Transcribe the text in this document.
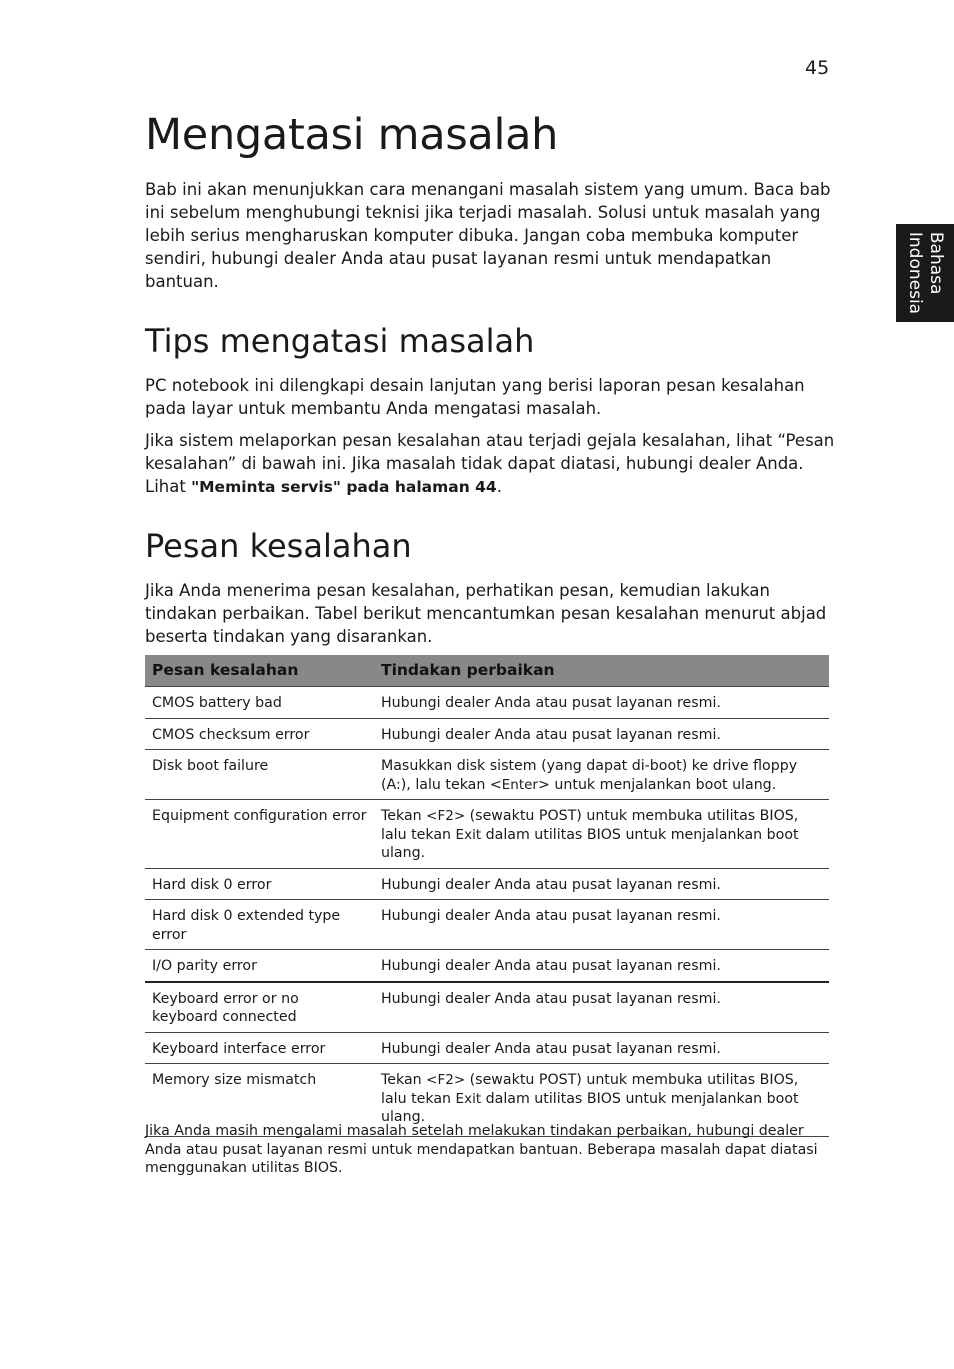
45
Bahasa
Indonesia
Mengatasi masalah

Bab ini akan menunjukkan cara menangani masalah sistem yang umum. Baca bab ini sebelum menghubungi teknisi jika terjadi masalah. Solusi untuk masalah yang lebih serius mengharuskan komputer dibuka. Jangan coba membuka komputer sendiri, hubungi dealer Anda atau pusat layanan resmi untuk mendapatkan bantuan.

Tips mengatasi masalah

PC notebook ini dilengkapi desain lanjutan yang berisi laporan pesan kesalahan pada layar untuk membantu Anda mengatasi masalah.

Jika sistem melaporkan pesan kesalahan atau terjadi gejala kesalahan, lihat “Pesan kesalahan” di bawah ini. Jika masalah tidak dapat diatasi, hubungi dealer Anda. Lihat "Meminta servis" pada halaman 44.

Pesan kesalahan

Jika Anda menerima pesan kesalahan, perhatikan pesan, kemudian lakukan tindakan perbaikan. Tabel berikut mencantumkan pesan kesalahan menurut abjad beserta tindakan yang disarankan.

Pesan kesalahan	Tindakan perbaikan
CMOS battery bad	Hubungi dealer Anda atau pusat layanan resmi.
CMOS checksum error	Hubungi dealer Anda atau pusat layanan resmi.
Disk boot failure	Masukkan disk sistem (yang dapat di-boot) ke drive floppy (A:), lalu tekan <Enter> untuk menjalankan boot ulang.
Equipment configuration error	Tekan <F2> (sewaktu POST) untuk membuka utilitas BIOS, lalu tekan Exit dalam utilitas BIOS untuk menjalankan boot ulang.
Hard disk 0 error	Hubungi dealer Anda atau pusat layanan resmi.
Hard disk 0 extended type error	Hubungi dealer Anda atau pusat layanan resmi.
I/O parity error	Hubungi dealer Anda atau pusat layanan resmi.
Keyboard error or no keyboard connected	Hubungi dealer Anda atau pusat layanan resmi.
Keyboard interface error	Hubungi dealer Anda atau pusat layanan resmi.
Memory size mismatch	Tekan <F2> (sewaktu POST) untuk membuka utilitas BIOS, lalu tekan Exit dalam utilitas BIOS untuk menjalankan boot ulang.
Jika Anda masih mengalami masalah setelah melakukan tindakan perbaikan, hubungi dealer Anda atau pusat layanan resmi untuk mendapatkan bantuan. Beberapa masalah dapat diatasi menggunakan utilitas BIOS.
